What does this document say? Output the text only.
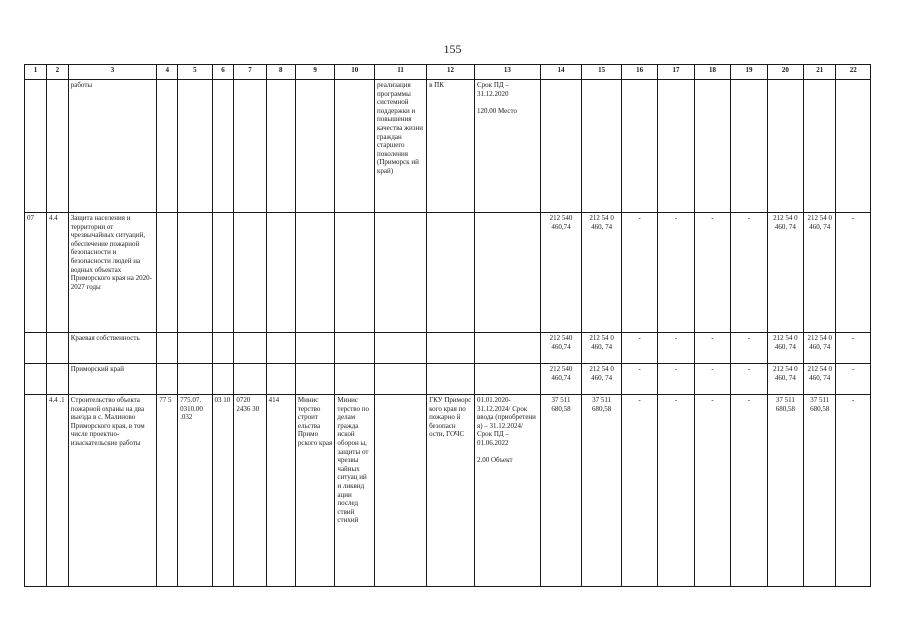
155
1	2	3	4	5	6	7	8	9	10	11	12	13	14	15	16	17	18	19	20	21	22
		работы								реализация программы системной поддержки и повышения качества жизни граждан старшего поколения (Приморск ий край)	в ПК	Срок ПД – 31.12.2020

120.00 Место									
07	4.4	Защита населения и территории от чрезвычайных ситуаций, обеспечение пожарной безопасности и безопасности людей на водных объектах Приморского края на 2020-2027 годы											212 540 460,74	212 54 0 460, 74	-	-	-	-	212 54 0 460, 74	212 54 0 460, 74	-
		Краевая собственность											212 540 460,74	212 54 0 460, 74	-	-	-	-	212 54 0 460, 74	212 54 0 460, 74	-
		Приморский край											212 540 460,74	212 54 0 460, 74	-	-	-	-	212 54 0 460, 74	212 54 0 460, 74	-
	4.4 .1	Строительство объекта пожарной охраны на два выезда в с. Малиново Приморского края, в том числе проектно-изыскательские работы	77 5	775.07. 0310.00 .032	03 10	0720 2436 30	414	Минис терство строит ельства Примо рского края	Минис терство по делам гражда нской оборон ы, защиты от чрезвы чайных ситуац ий и ликвид ации послед ствий стихий		ГКУ Приморс кого края по пожарно й безопасн ости, ГОЧС	01.01.2020- 31.12.2024/ Срок ввода (приобретени я) – 31.12.2024/ Срок ПД – 01.06.2022

2.00 Объект	37 511 680,58	37 511 680,58	-	-	-	-	37 511 680,58	37 511 680,58	-
